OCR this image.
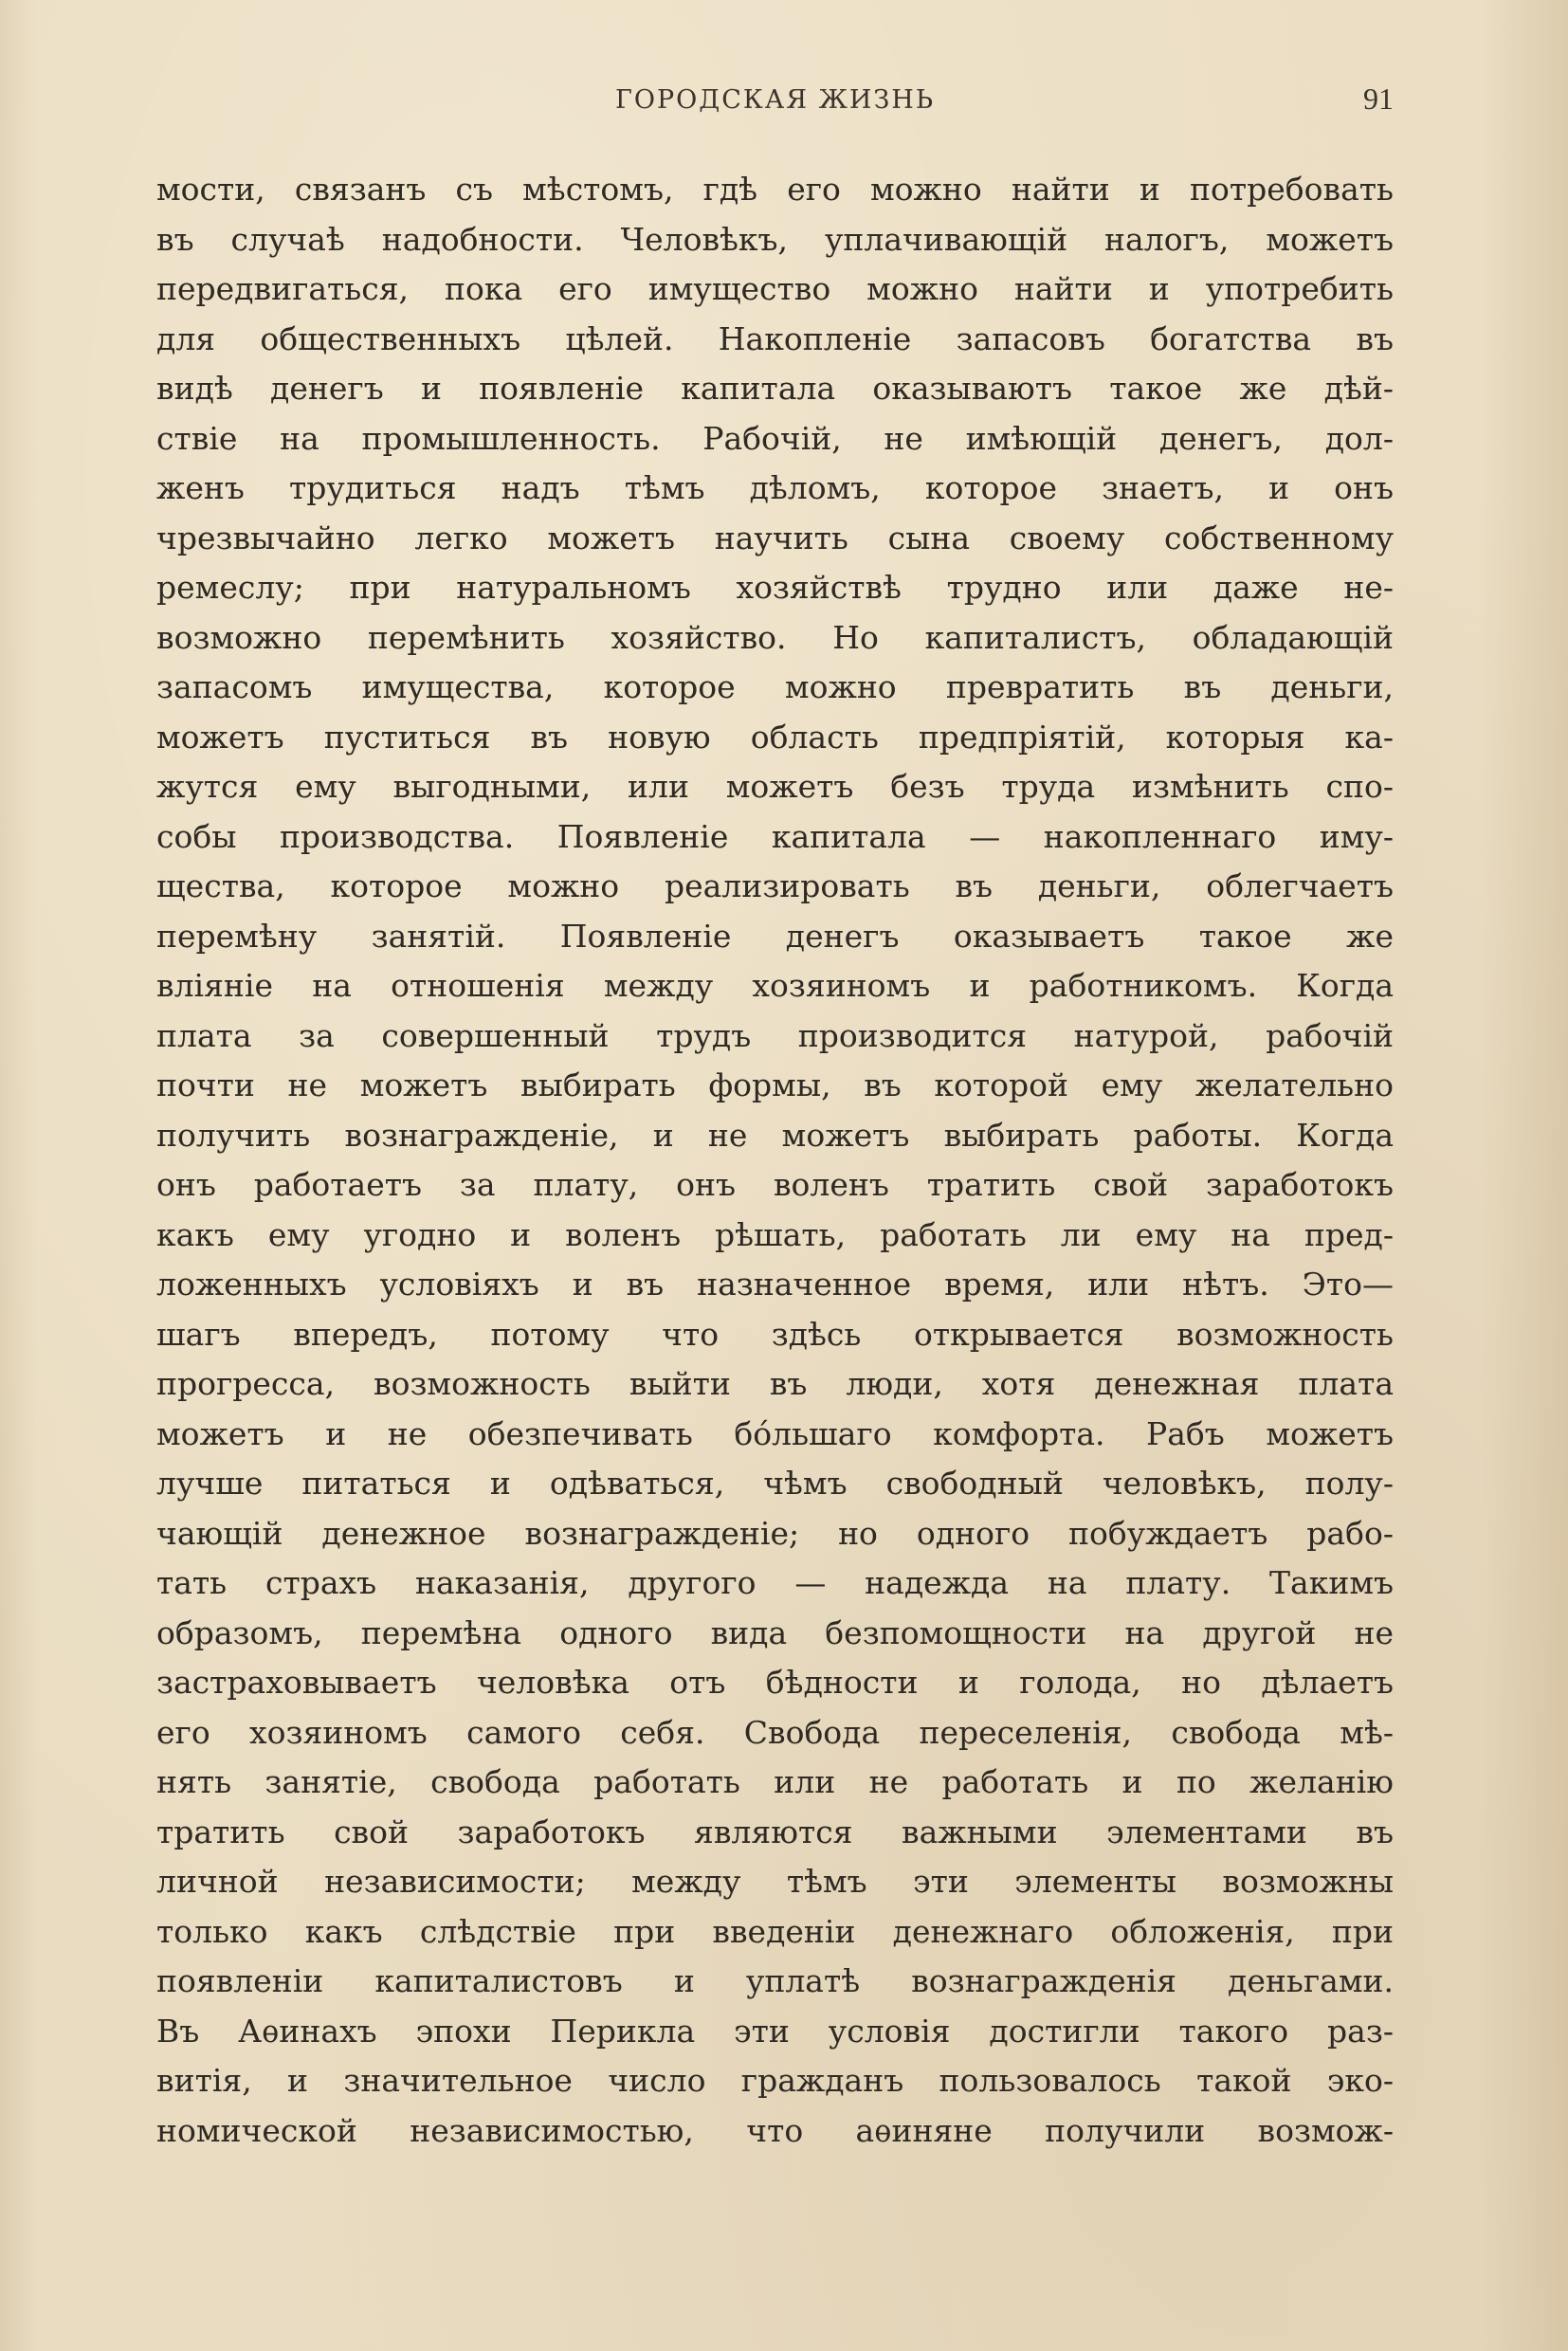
ГОРОДСКАЯ ЖИЗНЬ	91
мости, связанъ съ мѣстомъ, гдѣ его можно найти и потребовать
въ случаѣ надобности. Человѣкъ, уплачивающій налогъ, можетъ
передвигаться, пока его имущество можно найти и употребить
для общественныхъ цѣлей. Накопленіе запасовъ богатства въ
видѣ денегъ и появленіе капитала оказываютъ такое же дѣй-
ствіе на промышленность. Рабочій, не имѣющій денегъ, дол-
женъ трудиться надъ тѣмъ дѣломъ, которое знаетъ, и онъ
чрезвычайно легко можетъ научить сына своему собственному
ремеслу; при натуральномъ хозяйствѣ трудно или даже не-
возможно перемѣнить хозяйство. Но капиталистъ, обладающій
запасомъ имущества, которое можно превратить въ деньги,
можетъ пуститься въ новую область предпріятій, которыя ка-
жутся ему выгодными, или можетъ безъ труда измѣнить спо-
собы производства. Появленіе капитала — накопленнаго иму-
щества, которое можно реализировать въ деньги, облегчаетъ
перемѣну занятій. Появленіе денегъ оказываетъ такое же
вліяніе на отношенія между хозяиномъ и работникомъ. Когда
плата за совершенный трудъ производится натурой, рабочій
почти не можетъ выбирать формы, въ которой ему желательно
получить вознагражденіе, и не можетъ выбирать работы. Когда
онъ работаетъ за плату, онъ воленъ тратить свой заработокъ
какъ ему угодно и воленъ рѣшать, работать ли ему на пред-
ложенныхъ условіяхъ и въ назначенное время, или нѣтъ. Это—
шагъ впередъ, потому что здѣсь открывается возможность
прогресса, возможность выйти въ люди, хотя денежная плата
можетъ и не обезпечивать бóльшаго комфорта. Рабъ можетъ
лучше питаться и одѣваться, чѣмъ свободный человѣкъ, полу-
чающій денежное вознагражденіе; но одного побуждаетъ рабо-
тать страхъ наказанія, другого — надежда на плату. Такимъ
образомъ, перемѣна одного вида безпомощности на другой не
застраховываетъ человѣка отъ бѣдности и голода, но дѣлаетъ
его хозяиномъ самого себя. Свобода переселенія, свобода мѣ-
нять занятіе, свобода работать или не работать и по желанію
тратить свой заработокъ являются важными элементами въ
личной независимости; между тѣмъ эти элементы возможны
только какъ слѣдствіе при введеніи денежнаго обложенія, при
появленіи капиталистовъ и уплатѣ вознагражденія деньгами.
Въ Аѳинахъ эпохи Перикла эти условія достигли такого раз-
витія, и значительное число гражданъ пользовалось такой эко-
номической независимостью, что аѳиняне получили возмож-
